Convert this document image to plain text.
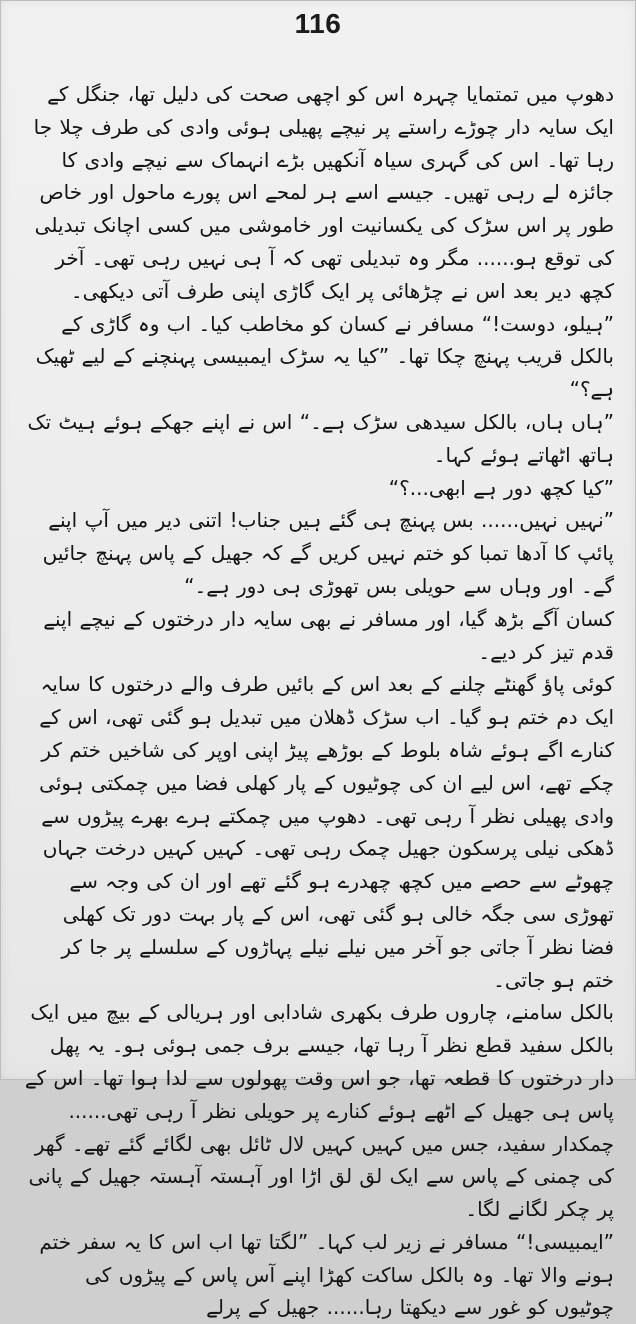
116

دھوپ میں تمتمایا چہرہ اس کو اچھی صحت کی دلیل تھا، جنگل کے ایک سایہ دار چوڑے راستے پر نیچے پھیلی ہوئی وادی کی طرف چلا جا رہا تھا۔ اس کی گہری سیاہ آنکھیں بڑے انہماک سے نیچے وادی کا جائزہ لے رہی تھیں۔ جیسے اسے ہر لمحے اس پورے ماحول اور خاص طور پر اس سڑک کی یکسانیت اور خاموشی میں کسی اچانک تبدیلی کی توقع ہو...... مگر وہ تبدیلی تھی کہ آ ہی نہیں رہی تھی۔ آخر کچھ دیر بعد اس نے چڑھائی پر ایک گاڑی اپنی طرف آتی دیکھی۔

”ہیلو، دوست!“ مسافر نے کسان کو مخاطب کیا۔ اب وہ گاڑی کے بالکل قریب پہنچ چکا تھا۔ ”کیا یہ سڑک ایمبیسی پہنچنے کے لیے ٹھیک ہے؟“

”ہاں ہاں، بالکل سیدھی سڑک ہے۔“ اس نے اپنے جھکے ہوئے ہیٹ تک ہاتھ اٹھاتے ہوئے کہا۔

”کیا کچھ دور ہے ابھی...؟“

”نہیں نہیں...... بس پہنچ ہی گئے ہیں جناب! اتنی دیر میں آپ اپنے پائپ کا آدھا تمبا کو ختم نہیں کریں گے کہ جھیل کے پاس پہنچ جائیں گے۔ اور وہاں سے حویلی بس تھوڑی ہی دور ہے۔“

کسان آگے بڑھ گیا، اور مسافر نے بھی سایہ دار درختوں کے نیچے اپنے قدم تیز کر دیے۔

کوئی پاؤ گھنٹے چلنے کے بعد اس کے بائیں طرف والے درختوں کا سایہ ایک دم ختم ہو گیا۔ اب سڑک ڈھلان میں تبدیل ہو گئی تھی، اس کے کنارے اگے ہوئے شاہ بلوط کے بوڑھے پیڑ اپنی اوپر کی شاخیں ختم کر چکے تھے، اس لیے ان کی چوٹیوں کے پار کھلی فضا میں چمکتی ہوئی وادی پھیلی نظر آ رہی تھی۔ دھوپ میں چمکتے ہرے بھرے پیڑوں سے ڈھکی نیلی پرسکون جھیل چمک رہی تھی۔ کہیں کہیں درخت جہاں چھوٹے سے حصے میں کچھ چھدرے ہو گئے تھے اور ان کی وجہ سے تھوڑی سی جگہ خالی ہو گئی تھی، اس کے پار بہت دور تک کھلی فضا نظر آ جاتی جو آخر میں نیلے نیلے پہاڑوں کے سلسلے پر جا کر ختم ہو جاتی۔

بالکل سامنے، چاروں طرف بکھری شادابی اور ہریالی کے بیچ میں ایک بالکل سفید قطع نظر آ رہا تھا، جیسے برف جمی ہوئی ہو۔ یہ پھل دار درختوں کا قطعہ تھا، جو اس وقت پھولوں سے لدا ہوا تھا۔ اس کے پاس ہی جھیل کے اٹھے ہوئے کنارے پر حویلی نظر آ رہی تھی...... چمکدار سفید، جس میں کہیں کہیں لال ٹائل بھی لگائے گئے تھے۔ گھر کی چمنی کے پاس سے ایک لق لق اڑا اور آہستہ آہستہ جھیل کے پانی پر چکر لگانے لگا۔

”ایمبیسی!“ مسافر نے زیر لب کہا۔ ”لگتا تھا اب اس کا یہ سفر ختم ہونے والا تھا۔ وہ بالکل ساکت کھڑا اپنے آس پاس کے پیڑوں کی چوٹیوں کو غور سے دیکھتا رہا...... جھیل کے پرلے
